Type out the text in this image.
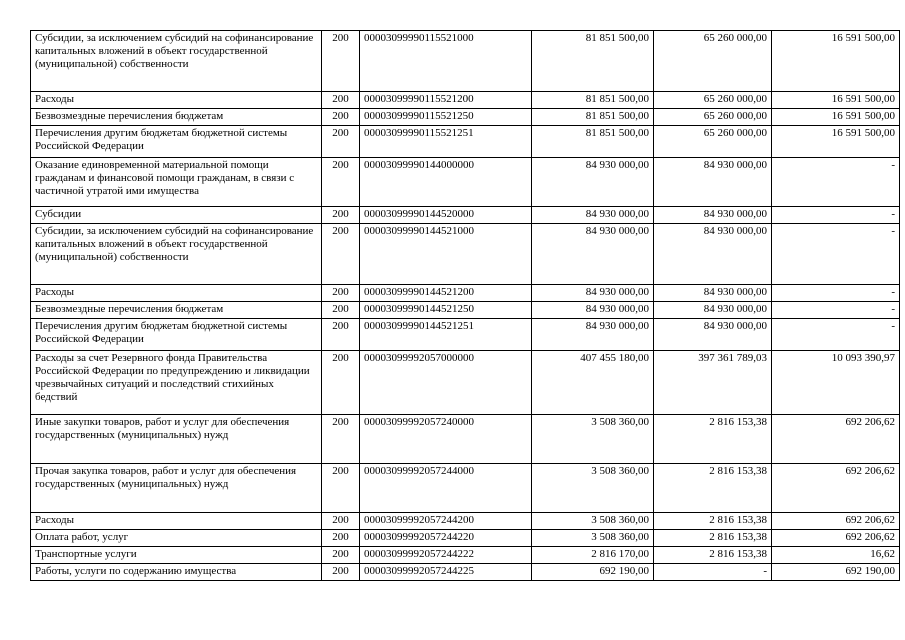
Субсидии, за исключением субсидий на софинансирование капитальных вложений в объект государственной (муниципальной) собственности	200	00003099990115521000	81 851 500,00	65 260 000,00	16 591 500,00
Расходы	200	00003099990115521200	81 851 500,00	65 260 000,00	16 591 500,00
Безвозмездные перечисления бюджетам	200	00003099990115521250	81 851 500,00	65 260 000,00	16 591 500,00
Перечисления другим бюджетам бюджетной системы Российской Федерации	200	00003099990115521251	81 851 500,00	65 260 000,00	16 591 500,00
Оказание единовременной материальной помощи гражданам и финансовой помощи гражданам, в связи с частичной утратой ими имущества	200	00003099990144000000	84 930 000,00	84 930 000,00	-
Субсидии	200	00003099990144520000	84 930 000,00	84 930 000,00	-
Субсидии, за исключением субсидий на софинансирование капитальных вложений в объект государственной (муниципальной) собственности	200	00003099990144521000	84 930 000,00	84 930 000,00	-
Расходы	200	00003099990144521200	84 930 000,00	84 930 000,00	-
Безвозмездные перечисления бюджетам	200	00003099990144521250	84 930 000,00	84 930 000,00	-
Перечисления другим бюджетам бюджетной системы Российской Федерации	200	00003099990144521251	84 930 000,00	84 930 000,00	-
Расходы за счет Резервного фонда Правительства Российской Федерации по предупреждению и ликвидации чрезвычайных ситуаций и последствий стихийных бедствий	200	00003099992057000000	407 455 180,00	397 361 789,03	10 093 390,97
Иные закупки товаров, работ и услуг для обеспечения государственных (муниципальных) нужд	200	00003099992057240000	3 508 360,00	2 816 153,38	692 206,62
Прочая закупка товаров, работ и услуг для обеспечения государственных (муниципальных) нужд	200	00003099992057244000	3 508 360,00	2 816 153,38	692 206,62
Расходы	200	00003099992057244200	3 508 360,00	2 816 153,38	692 206,62
Оплата работ, услуг	200	00003099992057244220	3 508 360,00	2 816 153,38	692 206,62
Транспортные услуги	200	00003099992057244222	2 816 170,00	2 816 153,38	16,62
Работы, услуги по содержанию имущества	200	00003099992057244225	692 190,00	-	692 190,00
